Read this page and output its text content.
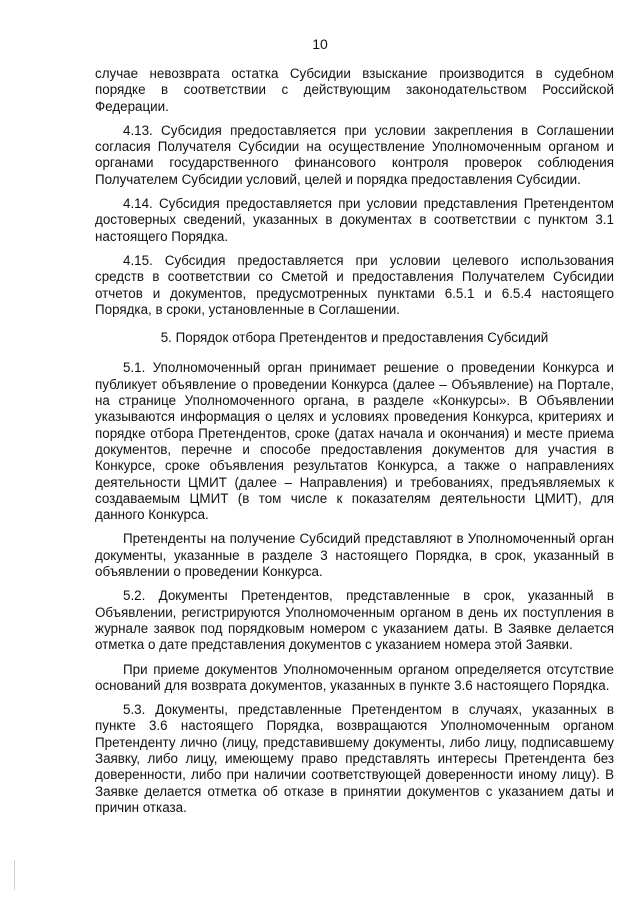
10

случае невозврата остатка Субсидии взыскание производится в судебном порядке в соответствии с действующим законодательством Российской Федерации.

4.13. Субсидия предоставляется при условии закрепления в Соглашении согласия Получателя Субсидии на осуществление Уполномоченным органом и органами государственного финансового контроля проверок соблюдения Получателем Субсидии условий, целей и порядка предоставления Субсидии.

4.14. Субсидия предоставляется при условии представления Претендентом достоверных сведений, указанных в документах в соответствии с пунктом 3.1 настоящего Порядка.

4.15. Субсидия предоставляется при условии целевого использования средств в соответствии со Сметой и предоставления Получателем Субсидии отчетов и документов, предусмотренных пунктами 6.5.1 и 6.5.4 настоящего Порядка, в сроки, установленные в Соглашении.

5. Порядок отбора Претендентов и предоставления Субсидий

5.1. Уполномоченный орган принимает решение о проведении Конкурса и публикует объявление о проведении Конкурса (далее – Объявление) на Портале, на странице Уполномоченного органа, в разделе «Конкурсы». В Объявлении указываются информация о целях и условиях проведения Конкурса, критериях и порядке отбора Претендентов, сроке (датах начала и окончания) и месте приема документов, перечне и способе предоставления документов для участия в Конкурсе, сроке объявления результатов Конкурса, а также о направлениях деятельности ЦМИТ (далее – Направления) и требованиях, предъявляемых к создаваемым ЦМИТ (в том числе к показателям деятельности ЦМИТ), для данного Конкурса.

Претенденты на получение Субсидий представляют в Уполномоченный орган документы, указанные в разделе 3 настоящего Порядка, в срок, указанный в объявлении о проведении Конкурса.

5.2. Документы Претендентов, представленные в срок, указанный в Объявлении, регистрируются Уполномоченным органом в день их поступления в журнале заявок под порядковым номером с указанием даты. В Заявке делается отметка о дате представления документов с указанием номера этой Заявки.

При приеме документов Уполномоченным органом определяется отсутствие оснований для возврата документов, указанных в пункте 3.6 настоящего Порядка.

5.3. Документы, представленные Претендентом в случаях, указанных в пункте 3.6 настоящего Порядка, возвращаются Уполномоченным органом Претенденту лично (лицу, представившему документы, либо лицу, подписавшему Заявку, либо лицу, имеющему право представлять интересы Претендента без доверенности, либо при наличии соответствующей доверенности иному лицу). В Заявке делается отметка об отказе в принятии документов с указанием даты и причин отказа.
